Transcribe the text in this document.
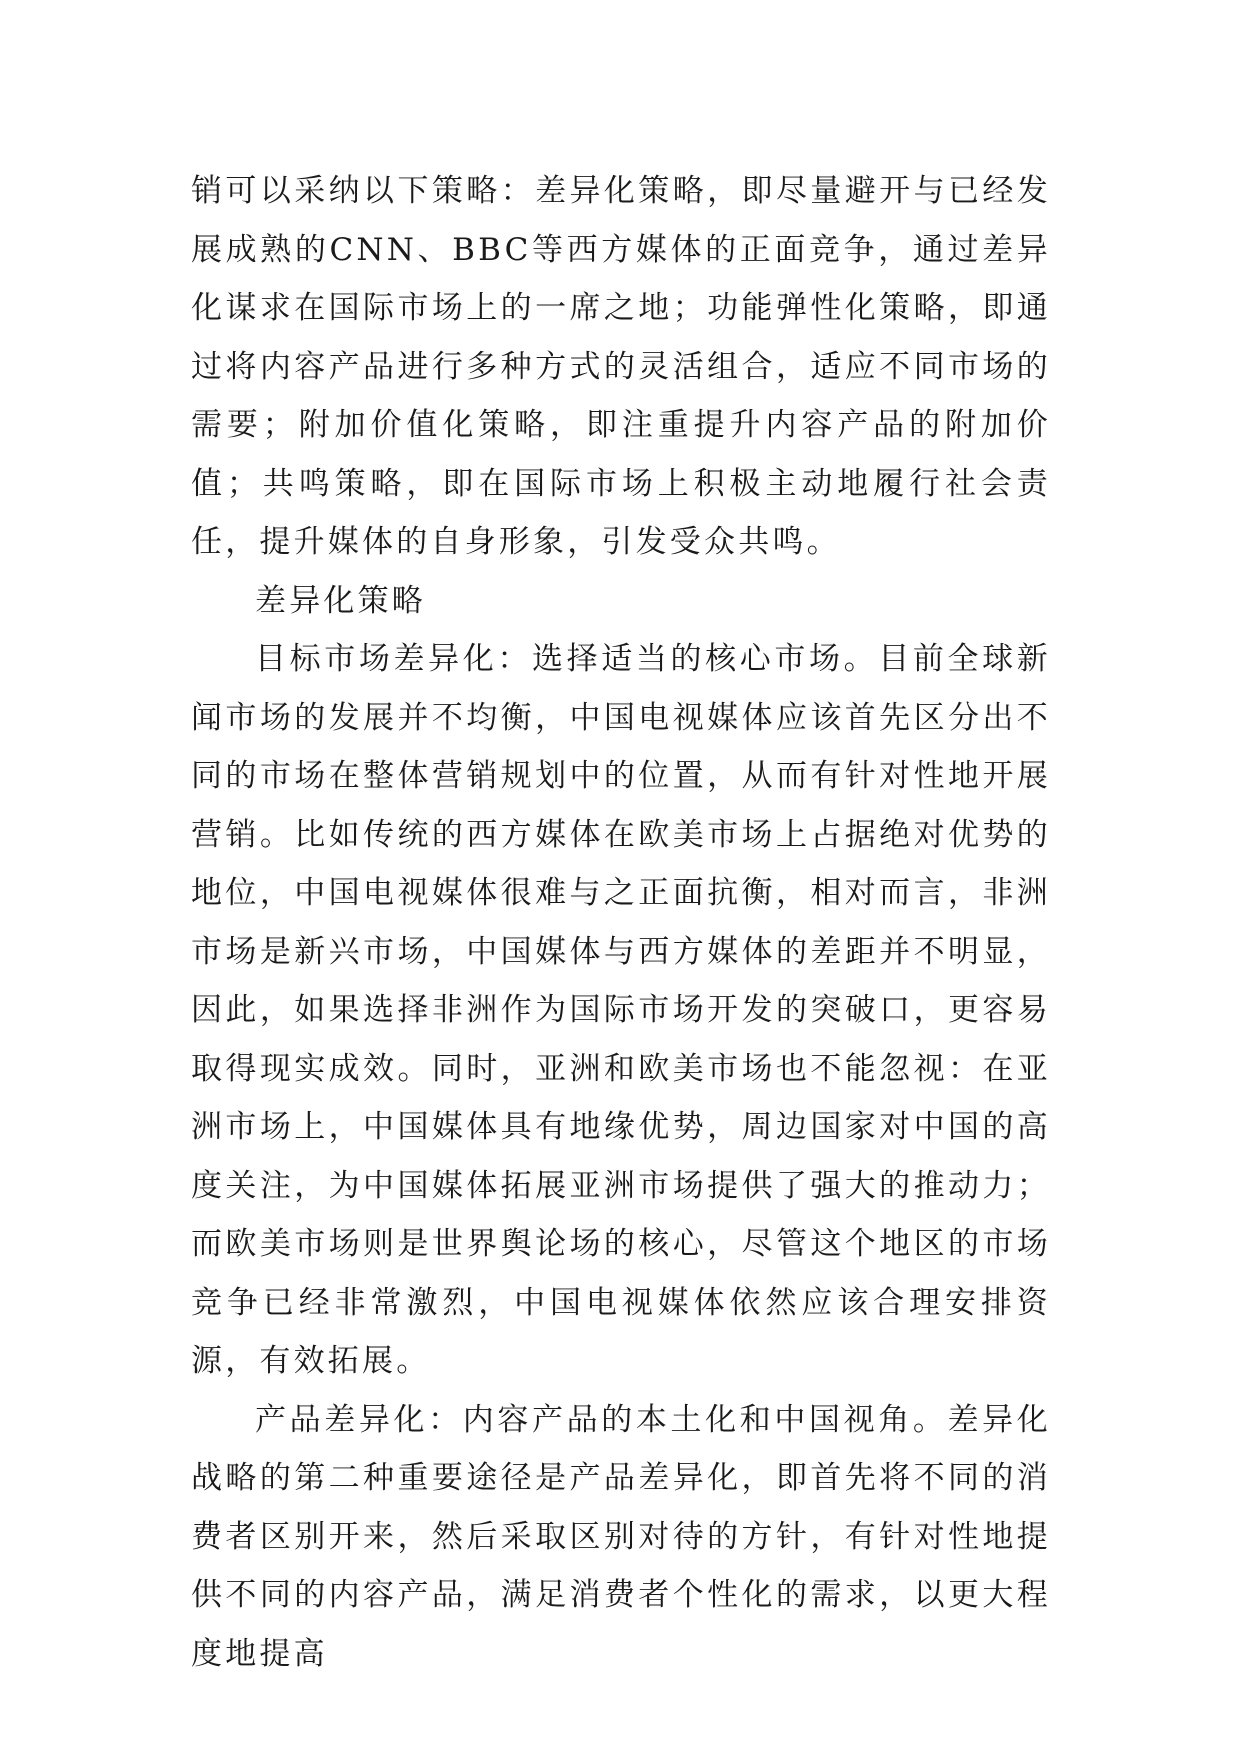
销可以采纳以下策略：差异化策略，即尽量避开与已经发展成熟的CNN、BBC等西方媒体的正面竞争，通过差异化谋求在国际市场上的一席之地；功能弹性化策略，即通过将内容产品进行多种方式的灵活组合，适应不同市场的需要；附加价值化策略，即注重提升内容产品的附加价值；共鸣策略，即在国际市场上积极主动地履行社会责任，提升媒体的自身形象，引发受众共鸣。

差异化策略

目标市场差异化：选择适当的核心市场。目前全球新闻市场的发展并不均衡，中国电视媒体应该首先区分出不同的市场在整体营销规划中的位置，从而有针对性地开展营销。比如传统的西方媒体在欧美市场上占据绝对优势的地位，中国电视媒体很难与之正面抗衡，相对而言，非洲市场是新兴市场，中国媒体与西方媒体的差距并不明显，因此，如果选择非洲作为国际市场开发的突破口，更容易取得现实成效。同时，亚洲和欧美市场也不能忽视：在亚洲市场上，中国媒体具有地缘优势，周边国家对中国的高度关注，为中国媒体拓展亚洲市场提供了强大的推动力；而欧美市场则是世界舆论场的核心，尽管这个地区的市场竞争已经非常激烈，中国电视媒体依然应该合理安排资源，有效拓展。

产品差异化：内容产品的本土化和中国视角。差异化战略的第二种重要途径是产品差异化，即首先将不同的消费者区别开来，然后采取区别对待的方针，有针对性地提供不同的内容产品，满足消费者个性化的需求，以更大程度地提高
